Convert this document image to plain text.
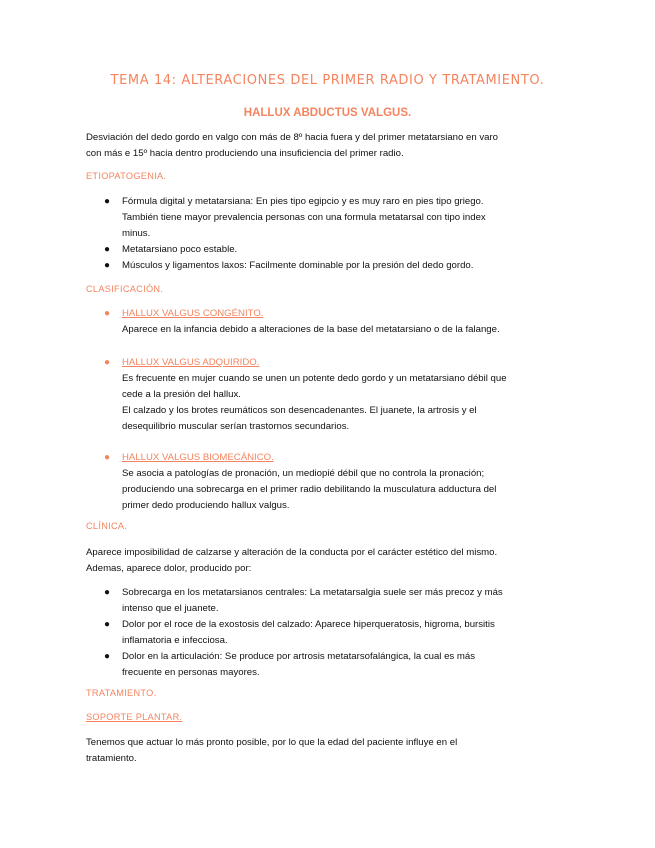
TEMA 14: ALTERACIONES DEL PRIMER RADIO Y TRATAMIENTO.
HALLUX ABDUCTUS VALGUS.
Desviación del dedo gordo en valgo con más de 8º hacia fuera y del primer metatarsiano en varo con más e 15º hacia dentro produciendo una insuficiencia del primer radio.
ETIOPATOGENIA.
● Fórmula digital y metatarsiana: En pies tipo egipcio y es muy raro en pies tipo griego. También tiene mayor prevalencia personas con una formula metatarsal con tipo index minus.
● Metatarsiano poco estable.
● Músculos y ligamentos laxos: Facilmente dominable por la presión del dedo gordo.
CLASIFICACIÓN.
● HALLUX VALGUS CONGÉNITO.
Aparece en la infancia debido a alteraciones de la base del metatarsiano o de la falange.
● HALLUX VALGUS ADQUIRIDO.
Es frecuente en mujer cuando se unen un potente dedo gordo y un metatarsiano débil que cede a la presión del hallux.
El calzado y los brotes reumáticos son desencadenantes. El juanete, la artrosis y el desequilibrio muscular serían trastornos secundarios.
● HALLUX VALGUS BIOMECÁNICO.
Se asocia a patologías de pronación, un mediopié débil que no controla la pronación; produciendo una sobrecarga en el primer radio debilitando la musculatura adductura del primer dedo produciendo hallux valgus.
CLÍNICA.
Aparece imposibilidad de calzarse y alteración de la conducta por el carácter estético del mismo. Ademas, aparece dolor, producido por:
● Sobrecarga en los metatarsianos centrales: La metatarsalgia suele ser más precoz y más intenso que el juanete.
● Dolor por el roce de la exostosis del calzado: Aparece hiperqueratosis, higroma, bursitis inflamatoria e infecciosa.
● Dolor en la articulación: Se produce por artrosis metatarsofalángica, la cual es más frecuente en personas mayores.
TRATAMIENTO.
SOPORTE PLANTAR.
Tenemos que actuar lo más pronto posible, por lo que la edad del paciente influye en el tratamiento.
